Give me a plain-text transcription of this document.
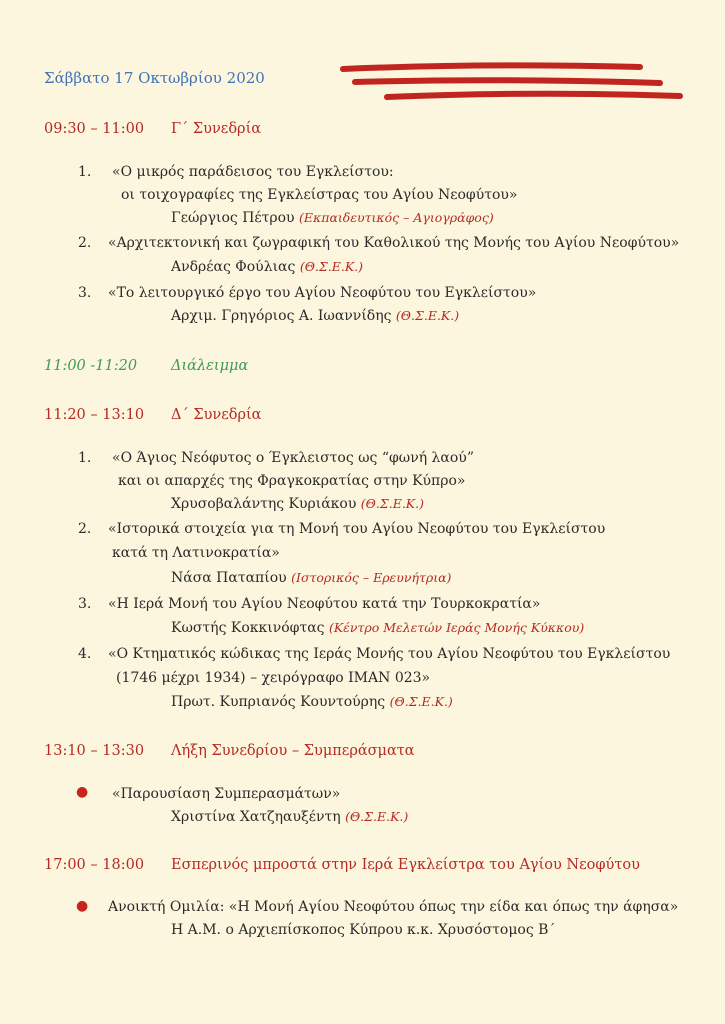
Σάββατο 17 Οκτωβρίου 2020
09:30 – 11:00 Γ΄ Συνεδρία
1. «Ο μικρός παράδεισος του Εγκλείστου:
οι τοιχογραφίες της Εγκλείστρας του Αγίου Νεοφύτου»
Γεώργιος Πέτρου (Εκπαιδευτικός – Αγιογράφος)
2. «Αρχιτεκτονική και ζωγραφική του Καθολικού της Μονής του Αγίου Νεοφύτου»
Ανδρέας Φούλιας (Θ.Σ.Ε.Κ.)
3. «Το λειτουργικό έργο του Αγίου Νεοφύτου του Εγκλείστου»
Αρχιμ. Γρηγόριος Α. Ιωαννίδης (Θ.Σ.Ε.Κ.)
11:00 -11:20 Διάλειμμα
11:20 – 13:10 Δ΄ Συνεδρία
1. «Ο Άγιος Νεόφυτος ο Έγκλειστος ως “φωνή λαού”
και οι απαρχές της Φραγκοκρατίας στην Κύπρο»
Χρυσοβαλάντης Κυριάκου (Θ.Σ.Ε.Κ.)
2. «Ιστορικά στοιχεία για τη Μονή του Αγίου Νεοφύτου του Εγκλείστου
κατά τη Λατινοκρατία»
Νάσα Παταπίου (Ιστορικός – Ερευνήτρια)
3. «Η Ιερά Μονή του Αγίου Νεοφύτου κατά την Τουρκοκρατία»
Κωστής Κοκκινόφτας (Κέντρο Μελετών Ιεράς Μονής Κύκκου)
4. «Ο Κτηματικός κώδικας της Ιεράς Μονής του Αγίου Νεοφύτου του Εγκλείστου
(1746 μέχρι 1934) – χειρόγραφο ΙΜΑΝ 023»
Πρωτ. Κυπριανός Κουντούρης (Θ.Σ.Ε.Κ.)
13:10 – 13:30 Λήξη Συνεδρίου – Συμπεράσματα
● «Παρουσίαση Συμπερασμάτων»
Χριστίνα Χατζηαυξέντη (Θ.Σ.Ε.Κ.)
17:00 – 18:00 Εσπερινός μπροστά στην Ιερά Εγκλείστρα του Αγίου Νεοφύτου
● Ανοικτή Ομιλία: «Η Μονή Αγίου Νεοφύτου όπως την είδα και όπως την άφησα»
Η Α.Μ. ο Αρχιεπίσκοπος Κύπρου κ.κ. Χρυσόστομος Β΄
